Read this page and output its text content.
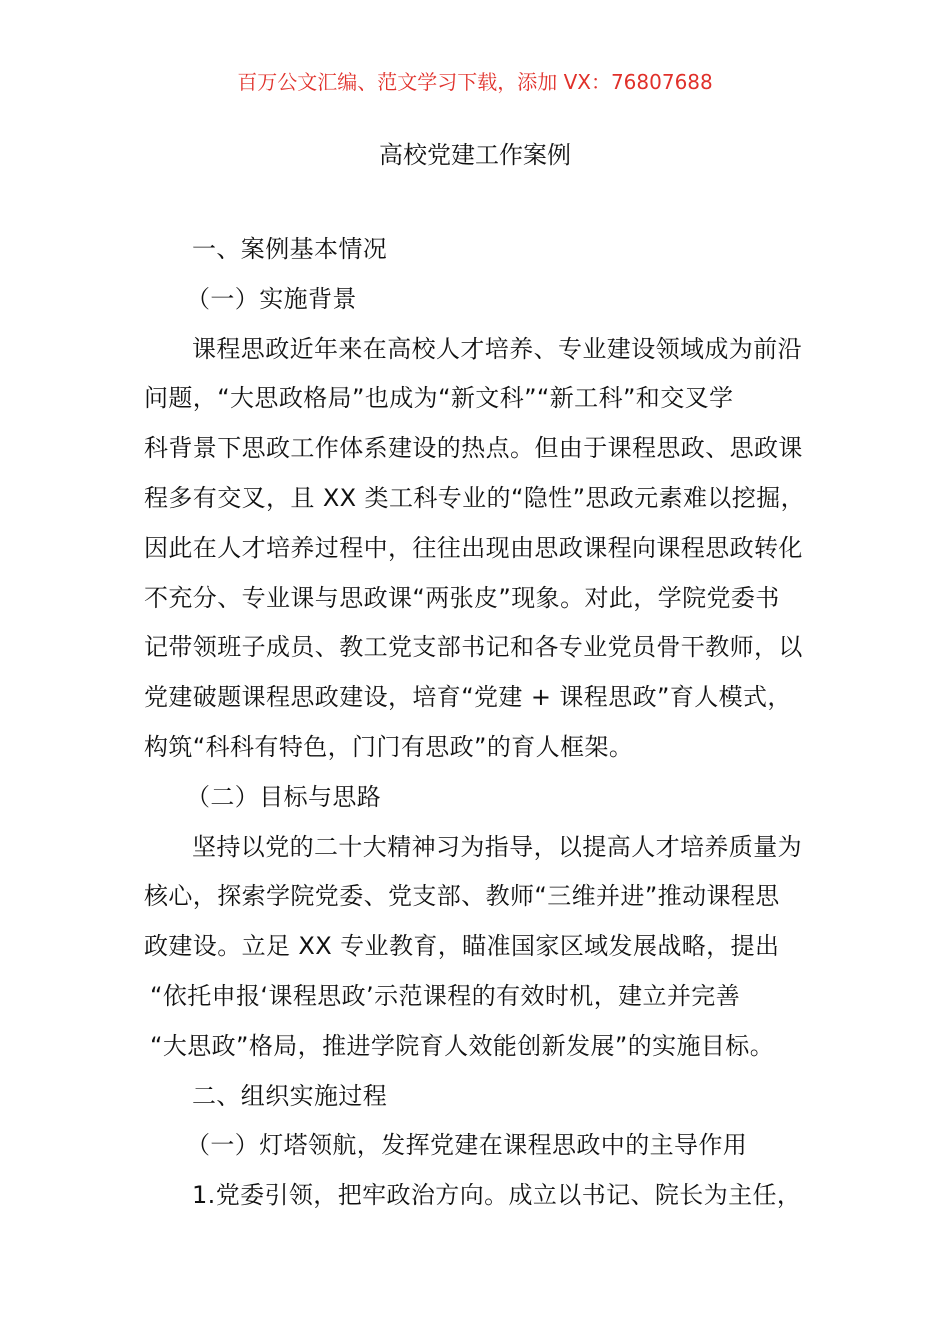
百万公文汇编、范文学习下载，添加 VX：76807688
高校党建工作案例
一、案例基本情况
（一）实施背景
课程思政近年来在高校人才培养、专业建设领域成为前沿
问题，“大思政格局”也成为“新文科”“新工科”和交叉学
科背景下思政工作体系建设的热点。但由于课程思政、思政课
程多有交叉，且 XX 类工科专业的“隐性”思政元素难以挖掘，
因此在人才培养过程中，往往出现由思政课程向课程思政转化
不充分、专业课与思政课“两张皮”现象。对此，学院党委书
记带领班子成员、教工党支部书记和各专业党员骨干教师，以
党建破题课程思政建设，培育“党建 + 课程思政”育人模式，
构筑“科科有特色，门门有思政”的育人框架。
（二）目标与思路
坚持以党的二十大精神习为指导，以提高人才培养质量为
核心，探索学院党委、党支部、教师“三维并进”推动课程思
政建设。立足 XX 专业教育，瞄准国家区域发展战略，提出
“依托申报‘课程思政’示范课程的有效时机，建立并完善
“大思政”格局，推进学院育人效能创新发展”的实施目标。
二、组织实施过程
（一）灯塔领航，发挥党建在课程思政中的主导作用
1.党委引领，把牢政治方向。成立以书记、院长为主任，
